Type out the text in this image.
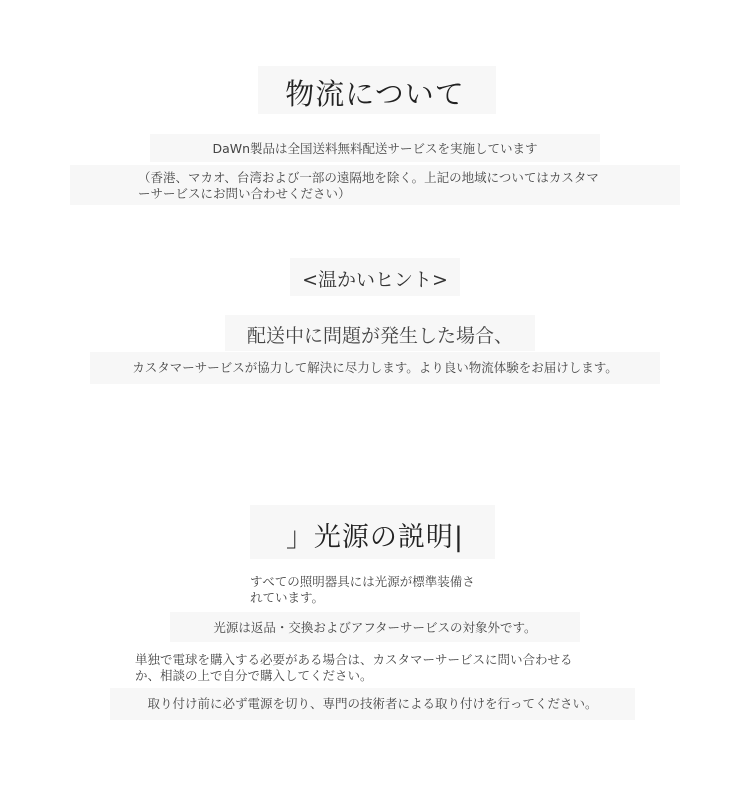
物流について
DaWn製品は全国送料無料配送サービスを実施しています
（香港、マカオ、台湾および一部の遠隔地を除く。上記の地域についてはカスタマーサービスにお問い合わせください）
<温かいヒント>
配送中に問題が発生した場合、
カスタマーサービスが協力して解決に尽力します。より良い物流体験をお届けします。
」光源の説明|
すべての照明器具には光源が標準装備されています。
光源は返品・交換およびアフターサービスの対象外です。
単独で電球を購入する必要がある場合は、カスタマーサービスに問い合わせるか、相談の上で自分で購入してください。
取り付け前に必ず電源を切り、専門の技術者による取り付けを行ってください。
